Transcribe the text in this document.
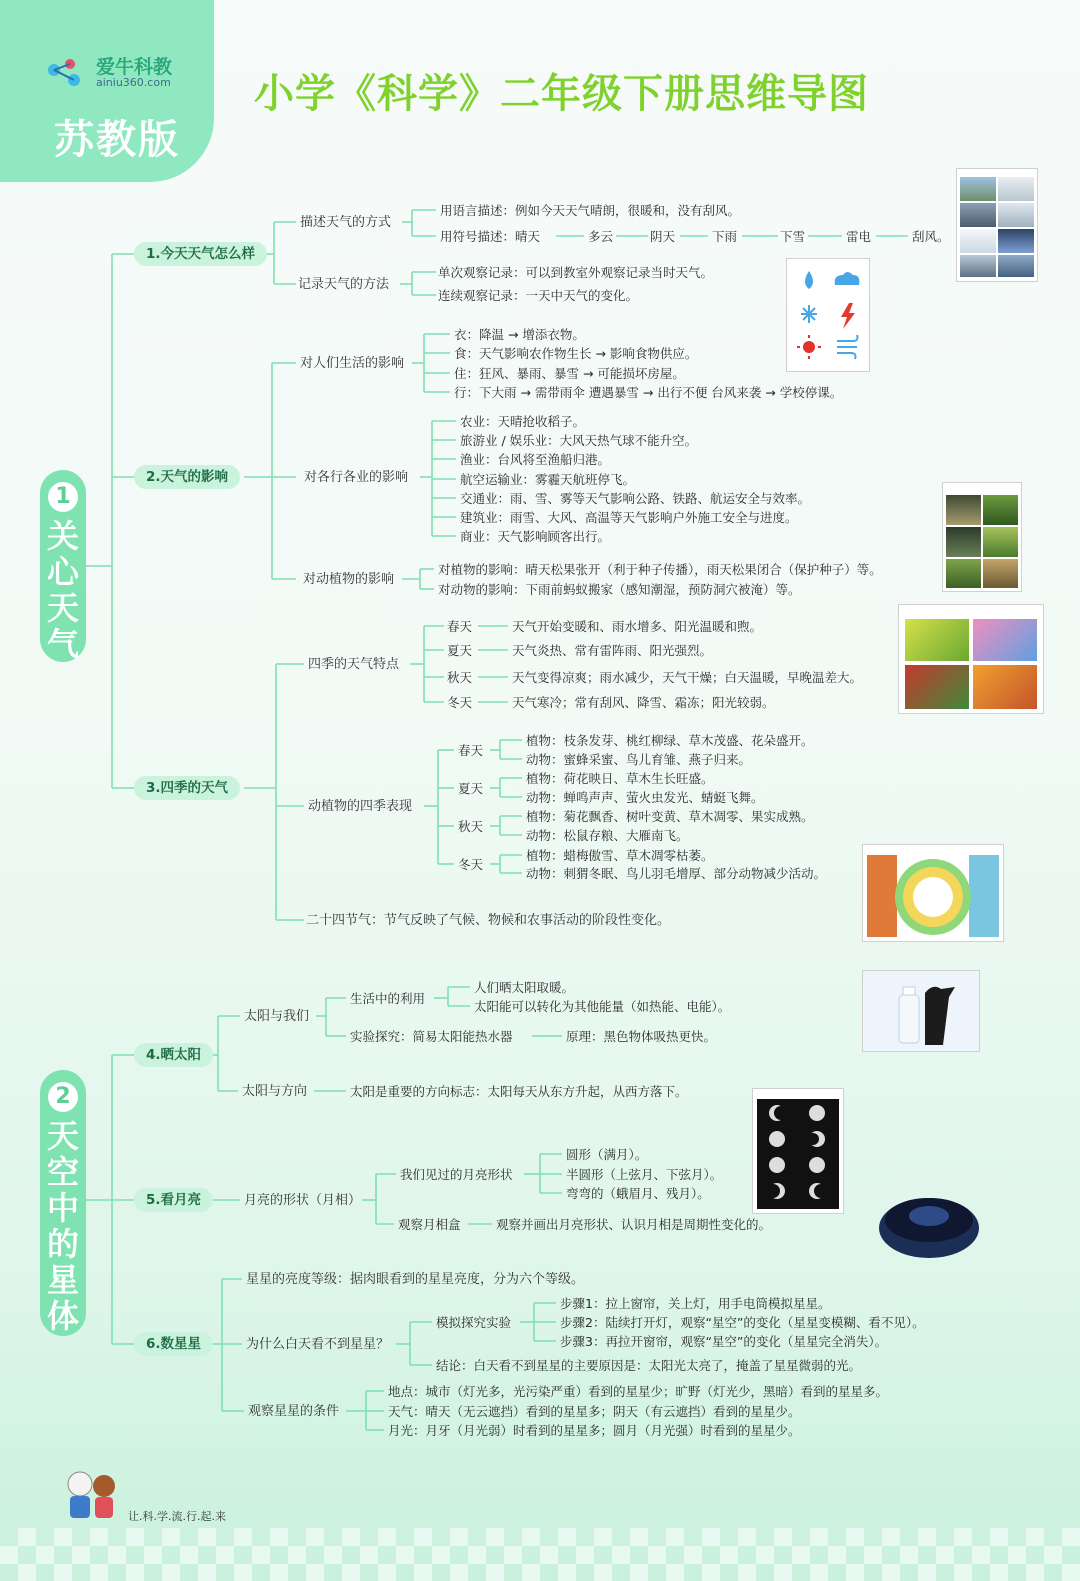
爱牛科教
ainiu360.com
苏教版
小学《科学》二年级下册思维导图
1
关心天气
2
天空中的星体
1.今天天气怎么样
2.天气的影响
3.四季的天气
4.晒太阳
5.看月亮
6.数星星
描述天气的方式
用语言描述：例如今天天气晴朗，很暖和，没有刮风。
用符号描述：晴天	多云	阴天	下雨	下雪	雷电	刮风。
记录天气的方法
单次观察记录：可以到教室外观察记录当时天气。
连续观察记录：一天中天气的变化。
对人们生活的影响
衣：降温 → 增添衣物。
食：天气影响农作物生长 → 影响食物供应。
住：狂风、暴雨、暴雪 → 可能损坏房屋。
行：下大雨 → 需带雨伞 遭遇暴雪 → 出行不便 台风来袭 → 学校停课。
对各行各业的影响
农业：天晴抢收稻子。
旅游业 / 娱乐业：大风天热气球不能升空。
渔业：台风将至渔船归港。
航空运输业：雾霾天航班停飞。
交通业：雨、雪、雾等天气影响公路、铁路、航运安全与效率。
建筑业：雨雪、大风、高温等天气影响户外施工安全与进度。
商业：天气影响顾客出行。
对动植物的影响
对植物的影响：晴天松果张开（利于种子传播），雨天松果闭合（保护种子）等。
对动物的影响：下雨前蚂蚁搬家（感知潮湿，预防洞穴被淹）等。
四季的天气特点
春天	天气开始变暖和、雨水增多、阳光温暖和煦。
夏天	天气炎热、常有雷阵雨、阳光强烈。
秋天	天气变得凉爽；雨水减少，天气干燥；白天温暖，早晚温差大。
冬天	天气寒冷；常有刮风、降雪、霜冻；阳光较弱。
动植物的四季表现
春天
植物：枝条发芽、桃红柳绿、草木茂盛、花朵盛开。
动物：蜜蜂采蜜、鸟儿育雏、燕子归来。
夏天
植物：荷花映日、草木生长旺盛。
动物：蝉鸣声声、萤火虫发光、蜻蜓飞舞。
秋天
植物：菊花飘香、树叶变黄、草木凋零、果实成熟。
动物：松鼠存粮、大雁南飞。
冬天
植物：蜡梅傲雪、草木凋零枯萎。
动物：刺猬冬眠、鸟儿羽毛增厚、部分动物减少活动。
二十四节气：节气反映了气候、物候和农事活动的阶段性变化。
太阳与我们
生活中的利用
人们晒太阳取暖。
太阳能可以转化为其他能量（如热能、电能）。
实验探究：简易太阳能热水器	原理：黑色物体吸热更快。
太阳与方向	太阳是重要的方向标志：太阳每天从东方升起，从西方落下。
月亮的形状（月相）
我们见过的月亮形状
圆形（满月）。
半圆形（上弦月、下弦月）。
弯弯的（蛾眉月、残月）。
观察月相盒	观察并画出月亮形状、认识月相是周期性变化的。
星星的亮度等级：据肉眼看到的星星亮度，分为六个等级。
为什么白天看不到星星？
模拟探究实验
步骤1：拉上窗帘，关上灯，用手电筒模拟星星。
步骤2：陆续打开灯，观察“星空”的变化（星星变模糊、看不见）。
步骤3：再拉开窗帘，观察“星空”的变化（星星完全消失）。
结论：白天看不到星星的主要原因是：太阳光太亮了，掩盖了星星微弱的光。
观察星星的条件
地点：城市（灯光多，光污染严重）看到的星星少；旷野（灯光少，黑暗）看到的星星多。
天气：晴天（无云遮挡）看到的星星多；阴天（有云遮挡）看到的星星少。
月光：月牙（月光弱）时看到的星星多；圆月（月光强）时看到的星星少。
让.科.学.流.行.起.来
